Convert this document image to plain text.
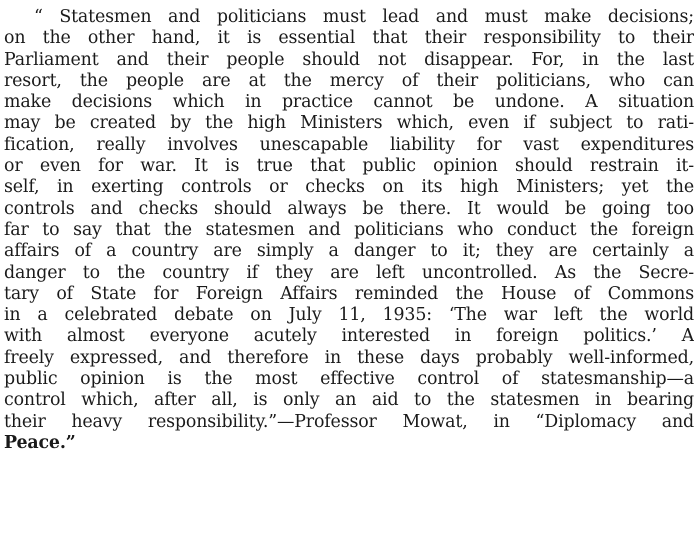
“ Statesmen and politicians must lead and must make decisions;
on the other hand, it is essential that their responsibility to their
Parliament and their people should not disappear. For, in the last
resort, the people are at the mercy of their politicians, who can
make decisions which in practice cannot be undone. A situation
may be created by the high Ministers which, even if subject to rati-
fication, really involves unescapable liability for vast expenditures
or even for war. It is true that public opinion should restrain it-
self, in exerting controls or checks on its high Ministers; yet the
controls and checks should always be there. It would be going too
far to say that the statesmen and politicians who conduct the foreign
affairs of a country are simply a danger to it; they are certainly a
danger to the country if they are left uncontrolled. As the Secre-
tary of State for Foreign Affairs reminded the House of Commons
in a celebrated debate on July 11, 1935: ‘The war left the world
with almost everyone acutely interested in foreign politics.’ A
freely expressed, and therefore in these days probably well-informed,
public opinion is the most effective control of statesmanship—a
control which, after all, is only an aid to the statesmen in bearing
their heavy responsibility.”—Professor Mowat, in “Diplomacy and
Peace.”
